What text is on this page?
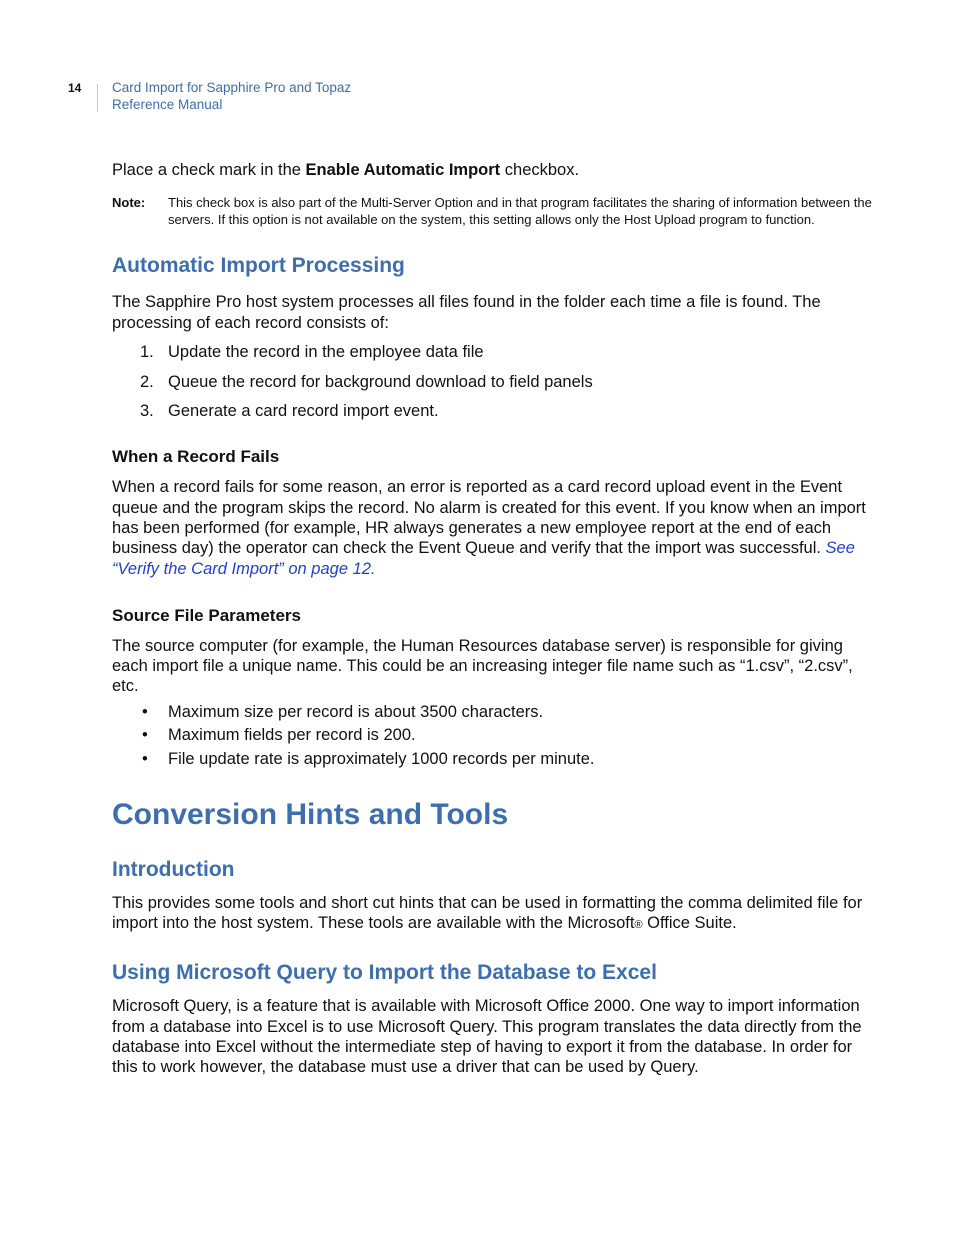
14 Card Import for Sapphire Pro and Topaz
Reference Manual

Place a check mark in the Enable Automatic Import checkbox.

Note:	This check box is also part of the Multi-Server Option and in that program facilitates the sharing of information between the servers. If this option is not available on the system, this setting allows only the Host Upload program to function.
Automatic Import Processing

The Sapphire Pro host system processes all files found in the folder each time a file is found. The processing of each record consists of:

1. Update the record in the employee data file
2. Queue the record for background download to field panels
3. Generate a card record import event.
When a Record Fails

When a record fails for some reason, an error is reported as a card record upload event in the Event queue and the program skips the record. No alarm is created for this event. If you know when an import has been performed (for example, HR always generates a new employee report at the end of each business day) the operator can check the Event Queue and verify that the import was successful. See “Verify the Card Import” on page 12.

Source File Parameters

The source computer (for example, the Human Resources database server) is responsible for giving each import file a unique name. This could be an increasing integer file name such as “1.csv”, “2.csv”, etc.

•	Maximum size per record is about 3500 characters.
•	Maximum fields per record is 200.
•	File update rate is approximately 1000 records per minute.
Conversion Hints and Tools
Introduction

This provides some tools and short cut hints that can be used in formatting the comma delimited file for import into the host system. These tools are available with the Microsoft® Office Suite.

Using Microsoft Query to Import the Database to Excel

Microsoft Query, is a feature that is available with Microsoft Office 2000. One way to import information from a database into Excel is to use Microsoft Query. This program translates the data directly from the database into Excel without the intermediate step of having to export it from the database. In order for this to work however, the database must use a driver that can be used by Query.
